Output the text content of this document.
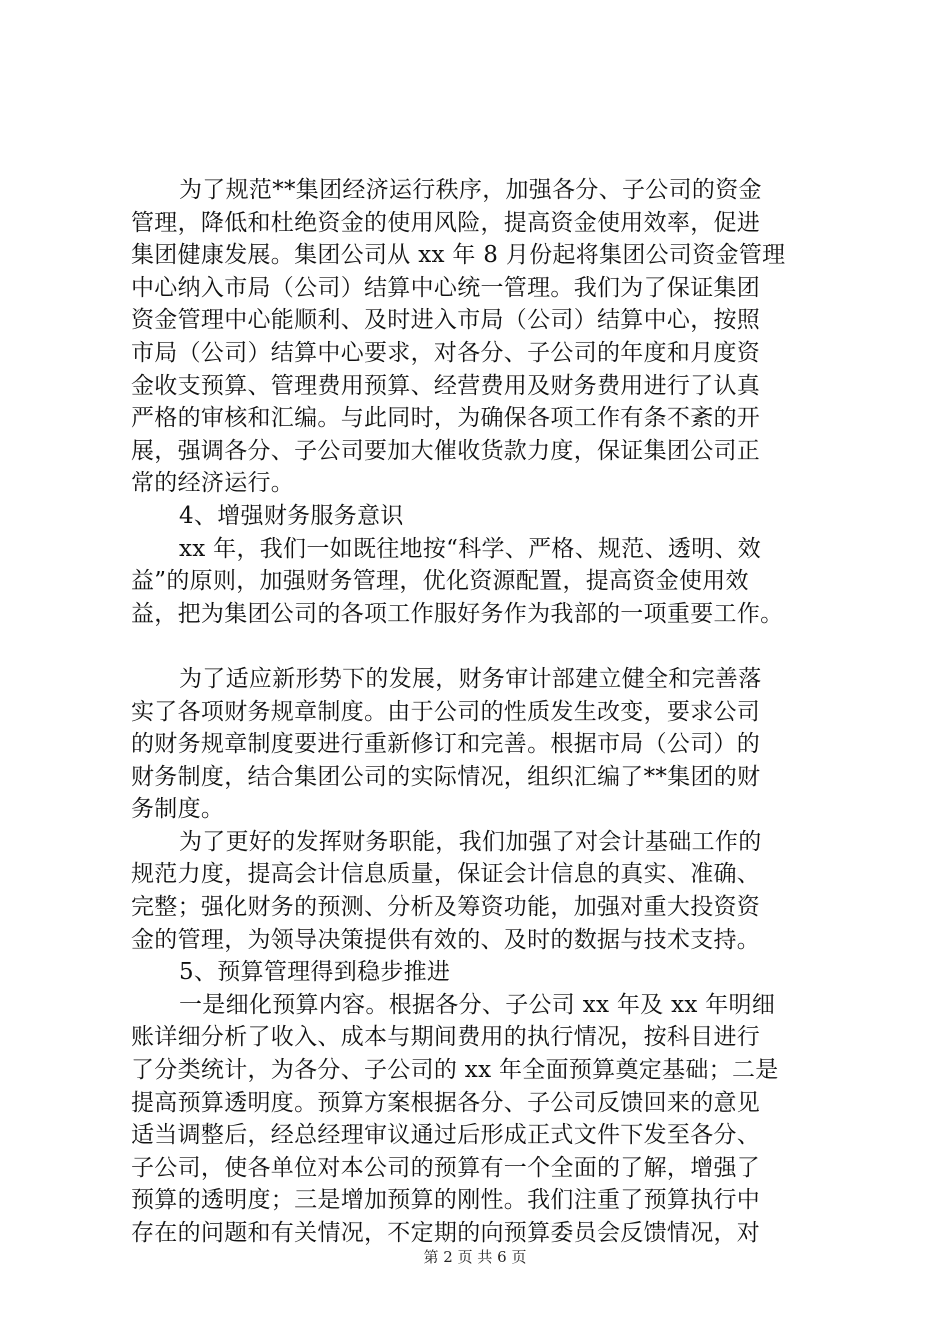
为了规范**集团经济运行秩序，加强各分、子公司的资金
管理，降低和杜绝资金的使用风险，提高资金使用效率，促进
集团健康发展。集团公司从 xx 年 8 月份起将集团公司资金管理
中心纳入市局（公司）结算中心统一管理。我们为了保证集团
资金管理中心能顺利、及时进入市局（公司）结算中心，按照
市局（公司）结算中心要求，对各分、子公司的年度和月度资
金收支预算、管理费用预算、经营费用及财务费用进行了认真
严格的审核和汇编。与此同时，为确保各项工作有条不紊的开
展，强调各分、子公司要加大催收货款力度，保证集团公司正
常的经济运行。
4、增强财务服务意识
xx 年，我们一如既往地按“科学、严格、规范、透明、效
益”的原则，加强财务管理，优化资源配置，提高资金使用效
益，把为集团公司的各项工作服好务作为我部的一项重要工作。
为了适应新形势下的发展，财务审计部建立健全和完善落
实了各项财务规章制度。由于公司的性质发生改变，要求公司
的财务规章制度要进行重新修订和完善。根据市局（公司）的
财务制度，结合集团公司的实际情况，组织汇编了**集团的财
务制度。
为了更好的发挥财务职能，我们加强了对会计基础工作的
规范力度，提高会计信息质量，保证会计信息的真实、准确、
完整；强化财务的预测、分析及筹资功能，加强对重大投资资
金的管理，为领导决策提供有效的、及时的数据与技术支持。
5、预算管理得到稳步推进
一是细化预算内容。根据各分、子公司 xx 年及 xx 年明细
账详细分析了收入、成本与期间费用的执行情况，按科目进行
了分类统计，为各分、子公司的 xx 年全面预算奠定基础；二是
提高预算透明度。预算方案根据各分、子公司反馈回来的意见
适当调整后，经总经理审议通过后形成正式文件下发至各分、
子公司，使各单位对本公司的预算有一个全面的了解，增强了
预算的透明度；三是增加预算的刚性。我们注重了预算执行中
存在的问题和有关情况，不定期的向预算委员会反馈情况，对
第 2 页 共 6 页
